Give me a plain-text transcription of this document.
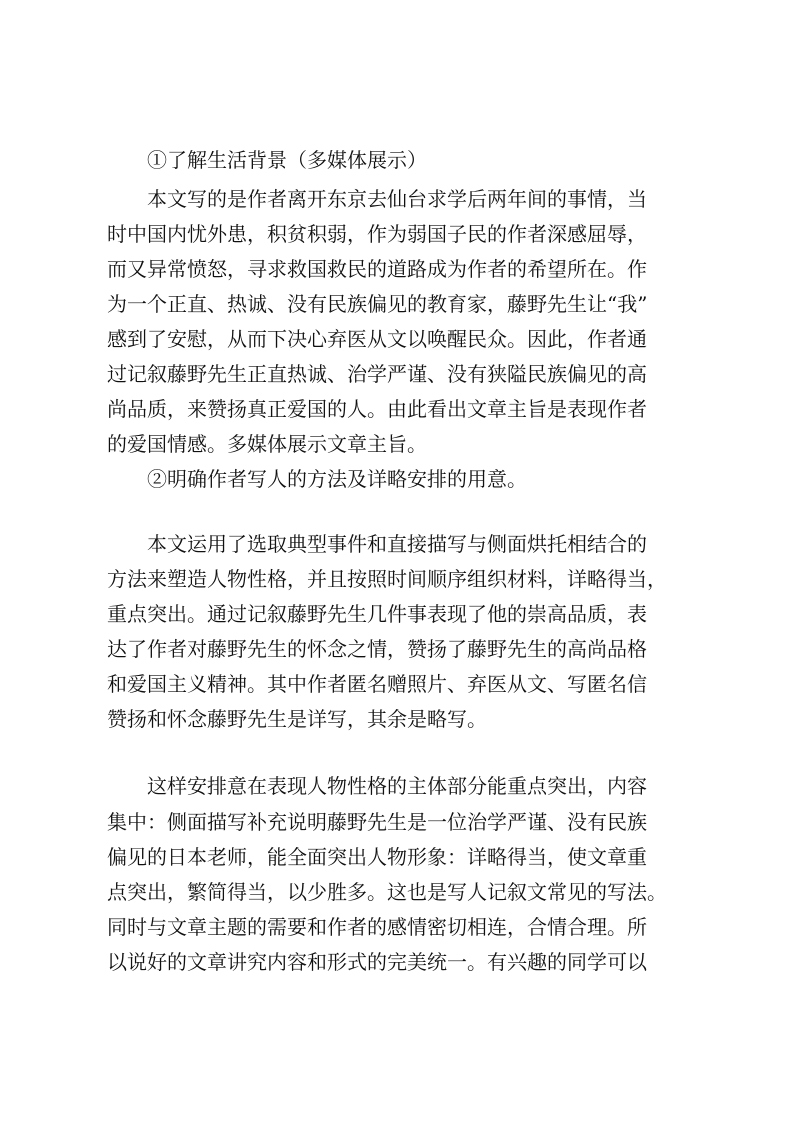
①了解生活背景（多媒体展示）
本文写的是作者离开东京去仙台求学后两年间的事情，当
时中国内忧外患，积贫积弱，作为弱国子民的作者深感屈辱，
而又异常愤怒，寻求救国救民的道路成为作者的希望所在。作
为一个正直、热诚、没有民族偏见的教育家，藤野先生让“我”
感到了安慰，从而下决心弃医从文以唤醒民众。因此，作者通
过记叙藤野先生正直热诚、治学严谨、没有狭隘民族偏见的高
尚品质，来赞扬真正爱国的人。由此看出文章主旨是表现作者
的爱国情感。多媒体展示文章主旨。
②明确作者写人的方法及详略安排的用意。
本文运用了选取典型事件和直接描写与侧面烘托相结合的
方法来塑造人物性格，并且按照时间顺序组织材料，详略得当，
重点突出。通过记叙藤野先生几件事表现了他的崇高品质，表
达了作者对藤野先生的怀念之情，赞扬了藤野先生的高尚品格
和爱国主义精神。其中作者匿名赠照片、弃医从文、写匿名信
赞扬和怀念藤野先生是详写，其余是略写。
这样安排意在表现人物性格的主体部分能重点突出，内容
集中：侧面描写补充说明藤野先生是一位治学严谨、没有民族
偏见的日本老师，能全面突出人物形象：详略得当，使文章重
点突出，繁简得当，以少胜多。这也是写人记叙文常见的写法。
同时与文章主题的需要和作者的感情密切相连，合情合理。所
以说好的文章讲究内容和形式的完美统一。有兴趣的同学可以
